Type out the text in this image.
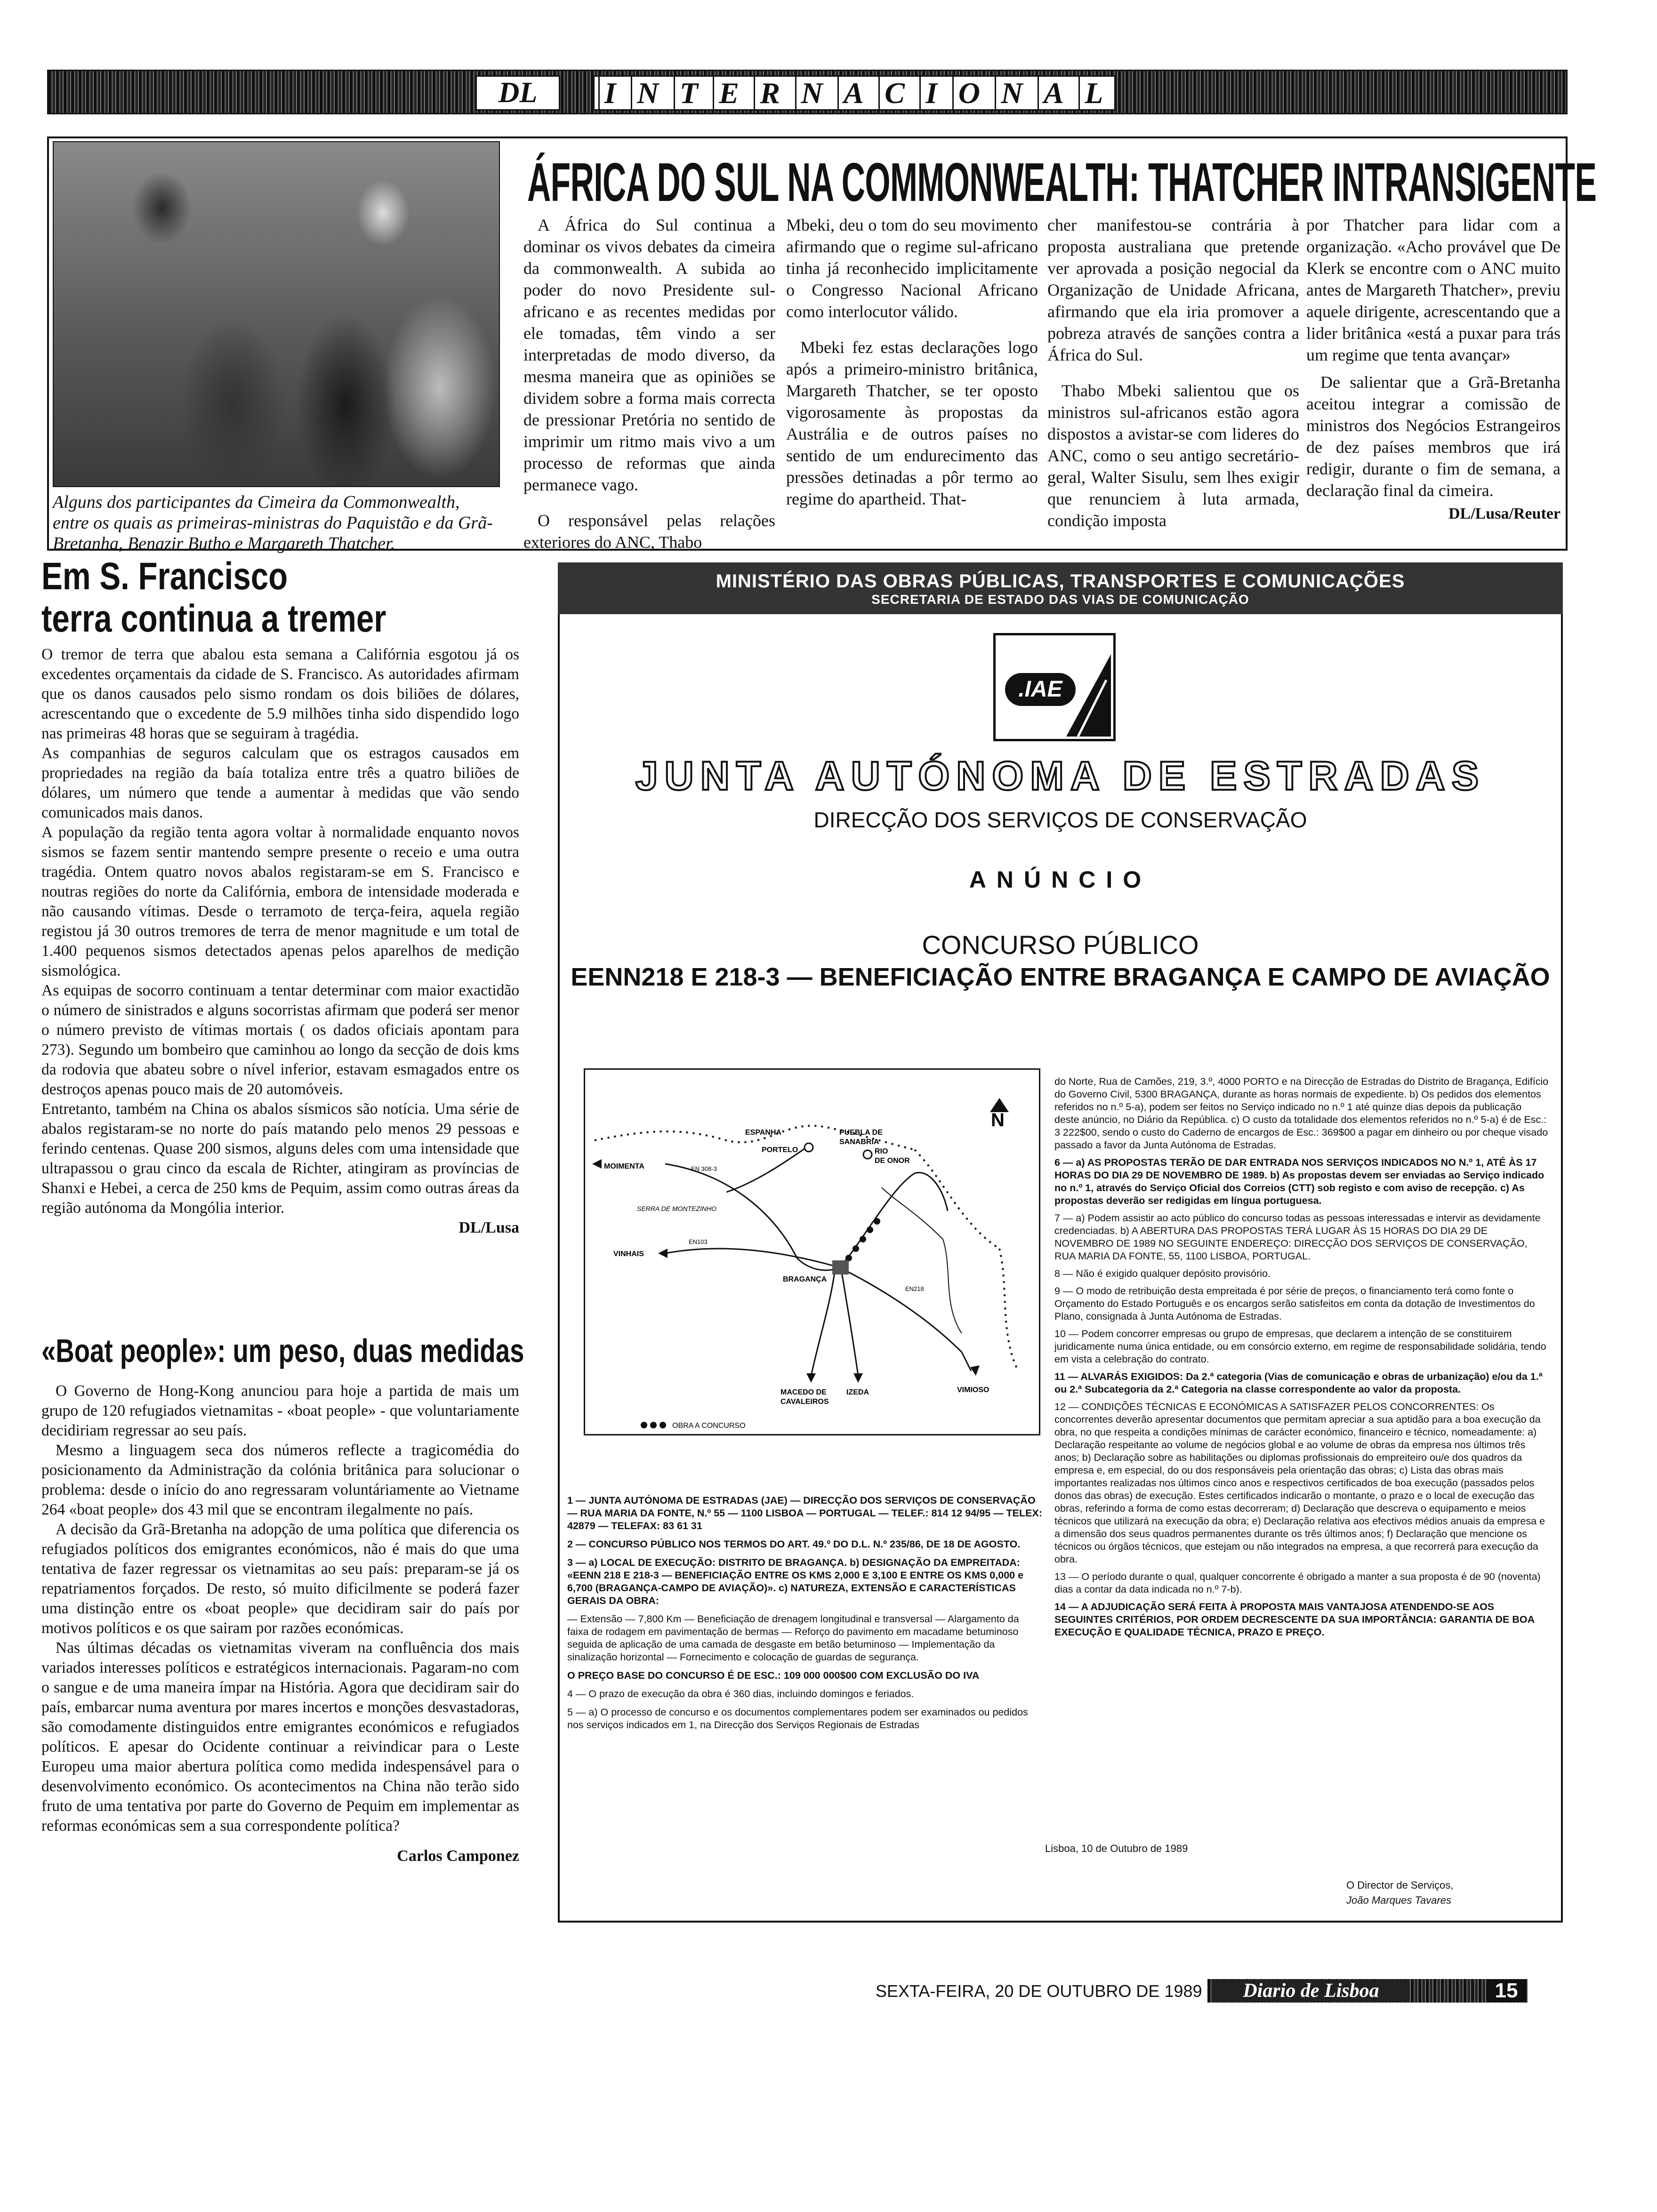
DL I N T E R N A C I O N A L
Alguns dos participantes da Cimeira da Commonwealth, entre os quais as primeiras-ministras do Paquistão e da Grã-Bretanha, Benazir Butho e Margareth Thatcher.
ÁFRICA DO SUL NA COMMONWEALTH: THATCHER INTRANSIGENTE

A África do Sul continua a dominar os vivos debates da cimeira da commonwealth. A subida ao poder do novo Presidente sul-africano e as recentes medidas por ele tomadas, têm vindo a ser interpretadas de modo diverso, da mesma maneira que as opiniões se dividem sobre a forma mais correcta de pressionar Pretória no sentido de imprimir um ritmo mais vivo a um processo de reformas que ainda permanece vago.

O responsável pelas relações exteriores do ANC, Thabo

Mbeki, deu o tom do seu movimento afirmando que o regime sul-africano tinha já reconhecido implicitamente o Congresso Nacional Africano como interlocutor válido.

Mbeki fez estas declarações logo após a primeiro-ministro britânica, Margareth Thatcher, se ter oposto vigorosamente às propostas da Austrália e de outros países no sentido de um endurecimento das pressões detinadas a pôr termo ao regime do apartheid. That-

cher manifestou-se contrária à proposta australiana que pretende ver aprovada a posição negocial da Organização de Unidade Africana, afirmando que ela iria promover a pobreza através de sanções contra a África do Sul.

Thabo Mbeki salientou que os ministros sul-africanos estão agora dispostos a avistar-se com lideres do ANC, como o seu antigo secretário-geral, Walter Sisulu, sem lhes exigir que renunciem à luta armada, condição imposta

por Thatcher para lidar com a organização. «Acho provável que De Klerk se encontre com o ANC muito antes de Margareth Thatcher», previu aquele dirigente, acrescentando que a lider britânica «está a puxar para trás um regime que tenta avançar»

De salientar que a Grã-Bretanha aceitou integrar a comissão de ministros dos Negócios Estrangeiros de dez países membros que irá redigir, durante o fim de semana, a declaração final da cimeira.

DL/Lusa/Reuter
Em S. Francisco
terra continua a tremer

O tremor de terra que abalou esta semana a Califórnia esgotou já os excedentes orçamentais da cidade de S. Francisco. As autoridades afirmam que os danos causados pelo sismo rondam os dois biliões de dólares, acrescentando que o excedente de 5.9 milhões tinha sido dispendido logo nas primeiras 48 horas que se seguiram à tragédia.

As companhias de seguros calculam que os estragos causados em propriedades na região da baía totaliza entre três a quatro biliões de dólares, um número que tende a aumentar à medidas que vão sendo comunicados mais danos.

A população da região tenta agora voltar à normalidade enquanto novos sismos se fazem sentir mantendo sempre presente o receio e uma outra tragédia. Ontem quatro novos abalos registaram-se em S. Francisco e noutras regiões do norte da Califórnia, embora de intensidade moderada e não causando vítimas. Desde o terramoto de terça-feira, aquela região registou já 30 outros tremores de terra de menor magnitude e um total de 1.400 pequenos sismos detectados apenas pelos aparelhos de medição sismológica.

As equipas de socorro continuam a tentar determinar com maior exactidão o número de sinistrados e alguns socorristas afirmam que poderá ser menor o número previsto de vítimas mortais ( os dados oficiais apontam para 273). Segundo um bombeiro que caminhou ao longo da secção de dois kms da rodovia que abateu sobre o nível inferior, estavam esmagados entre os destroços apenas pouco mais de 20 automóveis.

Entretanto, também na China os abalos sísmicos são notícia. Uma série de abalos registaram-se no norte do país matando pelo menos 29 pessoas e ferindo centenas. Quase 200 sismos, alguns deles com uma intensidade que ultrapassou o grau cinco da escala de Richter, atingiram as províncias de Shanxi e Hebei, a cerca de 250 kms de Pequim, assim como outras áreas da região autónoma da Mongólia interior.

DL/Lusa
«Boat people»: um peso, duas medidas

O Governo de Hong-Kong anunciou para hoje a partida de mais um grupo de 120 refugiados vietnamitas - «boat people» - que voluntariamente decidiriam regressar ao seu país.

Mesmo a linguagem seca dos números reflecte a tragicomédia do posicionamento da Administração da colónia britânica para solucionar o problema: desde o início do ano regressaram voluntáriamente ao Vietname 264 «boat people» dos 43 mil que se encontram ilegalmente no país.

A decisão da Grã-Bretanha na adopção de uma política que diferencia os refugiados políticos dos emigrantes económicos, não é mais do que uma tentativa de fazer regressar os vietnamitas ao seu país: preparam-se já os repatriamentos forçados. De resto, só muito dificilmente se poderá fazer uma distinção entre os «boat people» que decidiram sair do país por motivos políticos e os que sairam por razões económicas.

Nas últimas décadas os vietnamitas viveram na confluência dos mais variados interesses políticos e estratégicos internacionais. Pagaram-no com o sangue e de uma maneira ímpar na História. Agora que decidiram sair do país, embarcar numa aventura por mares incertos e monções desvastadoras, são comodamente distinguidos entre emigrantes económicos e refugiados políticos. E apesar do Ocidente continuar a reivindicar para o Leste Europeu uma maior abertura política como medida indespensável para o desenvolvimento económico. Os acontecimentos na China não terão sido fruto de uma tentativa por parte do Governo de Pequim em implementar as reformas económicas sem a sua correspondente política?

Carlos Camponez
MINISTÉRIO DAS OBRAS PÚBLICAS, TRANSPORTES E COMUNICAÇÕES
SECRETARIA DE ESTADO DAS VIAS DE COMUNICAÇÃO
.IAE
JUNTA AUTÓNOMA DE ESTRADAS
DIRECÇÃO DOS SERVIÇOS DE CONSERVAÇÃO
ANÚNCIO
CONCURSO PÚBLICO
EENN218 E 218-3 — BENEFICIAÇÃO ENTRE BRAGANÇA E CAMPO DE AVIAÇÃO
N
ESPANHA	PUEBLA DE
SANABRIA
MOIMENTA	EN 308-3
PORTELO	RIO
DE ONOR
SERRA DE MONTEZINHO
VINHAIS
EN103
BRAGANÇA
EN218
MACEDO DE
CAVALEIROS
IZEDA	VIMIOSO
OBRA A CONCURSO

do Norte, Rua de Camões, 219, 3.º, 4000 PORTO e na Direcção de Estradas do Distrito de Bragança, Edifício do Governo Civil, 5300 BRAGANÇA, durante as horas normais de expediente. b) Os pedidos dos elementos referidos no n.º 5-a), podem ser feitos no Serviço indicado no n.º 1 até quinze dias depois da publicação deste anúncio, no Diário da República. c) O custo da totalidade dos elementos referidos no n.º 5-a) é de Esc.: 3 222$00, sendo o custo do Caderno de encargos de Esc.: 369$00 a pagar em dinheiro ou por cheque visado passado a favor da Junta Autónoma de Estradas.

6 — a) AS PROPOSTAS TERÃO DE DAR ENTRADA NOS SERVIÇOS INDICADOS NO N.º 1, ATÉ ÀS 17 HORAS DO DIA 29 DE NOVEMBRO DE 1989. b) As propostas devem ser enviadas ao Serviço indicado no n.º 1, através do Serviço Oficial dos Correios (CTT) sob registo e com aviso de recepção. c) As propostas deverão ser redigidas em língua portuguesa.

7 — a) Podem assistir ao acto público do concurso todas as pessoas interessadas e intervir as devidamente credenciadas. b) A ABERTURA DAS PROPOSTAS TERÁ LUGAR ÀS 15 HORAS DO DIA 29 DE NOVEMBRO DE 1989 NO SEGUINTE ENDEREÇO: DIRECÇÃO DOS SERVIÇOS DE CONSERVAÇÃO, RUA MARIA DA FONTE, 55, 1100 LISBOA, PORTUGAL.

8 — Não é exigido qualquer depósito provisório.

9 — O modo de retribuição desta empreitada é por série de preços, o financiamento terá como fonte o Orçamento do Estado Português e os encargos serão satisfeitos em conta da dotação de Investimentos do Plano, consignada à Junta Autónoma de Estradas.

10 — Podem concorrer empresas ou grupo de empresas, que declarem a intenção de se constituirem juridicamente numa única entidade, ou em consórcio externo, em regime de responsabilidade solidária, tendo em vista a celebração do contrato.

11 — ALVARÁS EXIGIDOS: Da 2.ª categoria (Vias de comunicação e obras de urbanização) e/ou da 1.ª ou 2.ª Subcategoria da 2.ª Categoria na classe correspondente ao valor da proposta.

12 — CONDIÇÕES TÉCNICAS E ECONÓMICAS A SATISFAZER PELOS CONCORRENTES: Os concorrentes deverão apresentar documentos que permitam apreciar a sua aptidão para a boa execução da obra, no que respeita a condições mínimas de carácter económico, financeiro e técnico, nomeadamente: a) Declaração respeitante ao volume de negócios global e ao volume de obras da empresa nos últimos três anos; b) Declaração sobre as habilitações ou diplomas profissionais do empreiteiro ou/e dos quadros da empresa e, em especial, do ou dos responsáveis pela orientação das obras; c) Lista das obras mais importantes realizadas nos últimos cinco anos e respectivos certificados de boa execução (passados pelos donos das obras) de execução. Estes certificados indicarão o montante, o prazo e o local de execução das obras, referindo a forma de como estas decorreram; d) Declaração que descreva o equipamento e meios técnicos que utilizará na execução da obra; e) Declaração relativa aos efectivos médios anuais da empresa e a dimensão dos seus quadros permanentes durante os três últimos anos; f) Declaração que mencione os técnicos ou órgãos técnicos, que estejam ou não integrados na empresa, a que recorrerá para execução da obra.

13 — O período durante o qual, qualquer concorrente é obrigado a manter a sua proposta é de 90 (noventa) dias a contar da data indicada no n.º 7-b).

14 — A ADJUDICAÇÃO SERÁ FEITA À PROPOSTA MAIS VANTAJOSA ATENDENDO-SE AOS SEGUINTES CRITÉRIOS, POR ORDEM DECRESCENTE DA SUA IMPORTÂNCIA: GARANTIA DE BOA EXECUÇÃO E QUALIDADE TÉCNICA, PRAZO E PREÇO.

1 — JUNTA AUTÓNOMA DE ESTRADAS (JAE) — DIRECÇÃO DOS SERVIÇOS DE CONSERVAÇÃO — RUA MARIA DA FONTE, N.º 55 — 1100 LISBOA — PORTUGAL — TELEF.: 814 12 94/95 — TELEX: 42879 — TELEFAX: 83 61 31

2 — CONCURSO PÚBLICO NOS TERMOS DO ART. 49.º DO D.L. N.º 235/86, DE 18 DE AGOSTO.

3 — a) LOCAL DE EXECUÇÃO: DISTRITO DE BRAGANÇA. b) DESIGNAÇÃO DA EMPREITADA: «EENN 218 E 218-3 — BENEFICIAÇÃO ENTRE OS KMS 2,000 E 3,100 E ENTRE OS KMS 0,000 e 6,700 (BRAGANÇA-CAMPO DE AVIAÇÃO)». c) NATUREZA, EXTENSÃO E CARACTERÍSTICAS GERAIS DA OBRA:

— Extensão — 7,800 Km — Beneficiação de drenagem longitudinal e transversal — Alargamento da faixa de rodagem em pavimentação de bermas — Reforço do pavimento em macadame betuminoso seguida de aplicação de uma camada de desgaste em betão betuminoso — Implementação da sinalização horizontal — Fornecimento e colocação de guardas de segurança.

O PREÇO BASE DO CONCURSO É DE ESC.: 109 000 000$00 COM EXCLUSÃO DO IVA

4 — O prazo de execução da obra é 360 dias, incluindo domingos e feriados.

5 — a) O processo de concurso e os documentos complementares podem ser examinados ou pedidos nos serviços indicados em 1, na Direcção dos Serviços Regionais de Estradas

Lisboa, 10 de Outubro de 1989
O Director de Serviços,
João Marques Tavares
SEXTA-FEIRA, 20 DE OUTUBRO DE 1989	Diario de Lisboa	15
